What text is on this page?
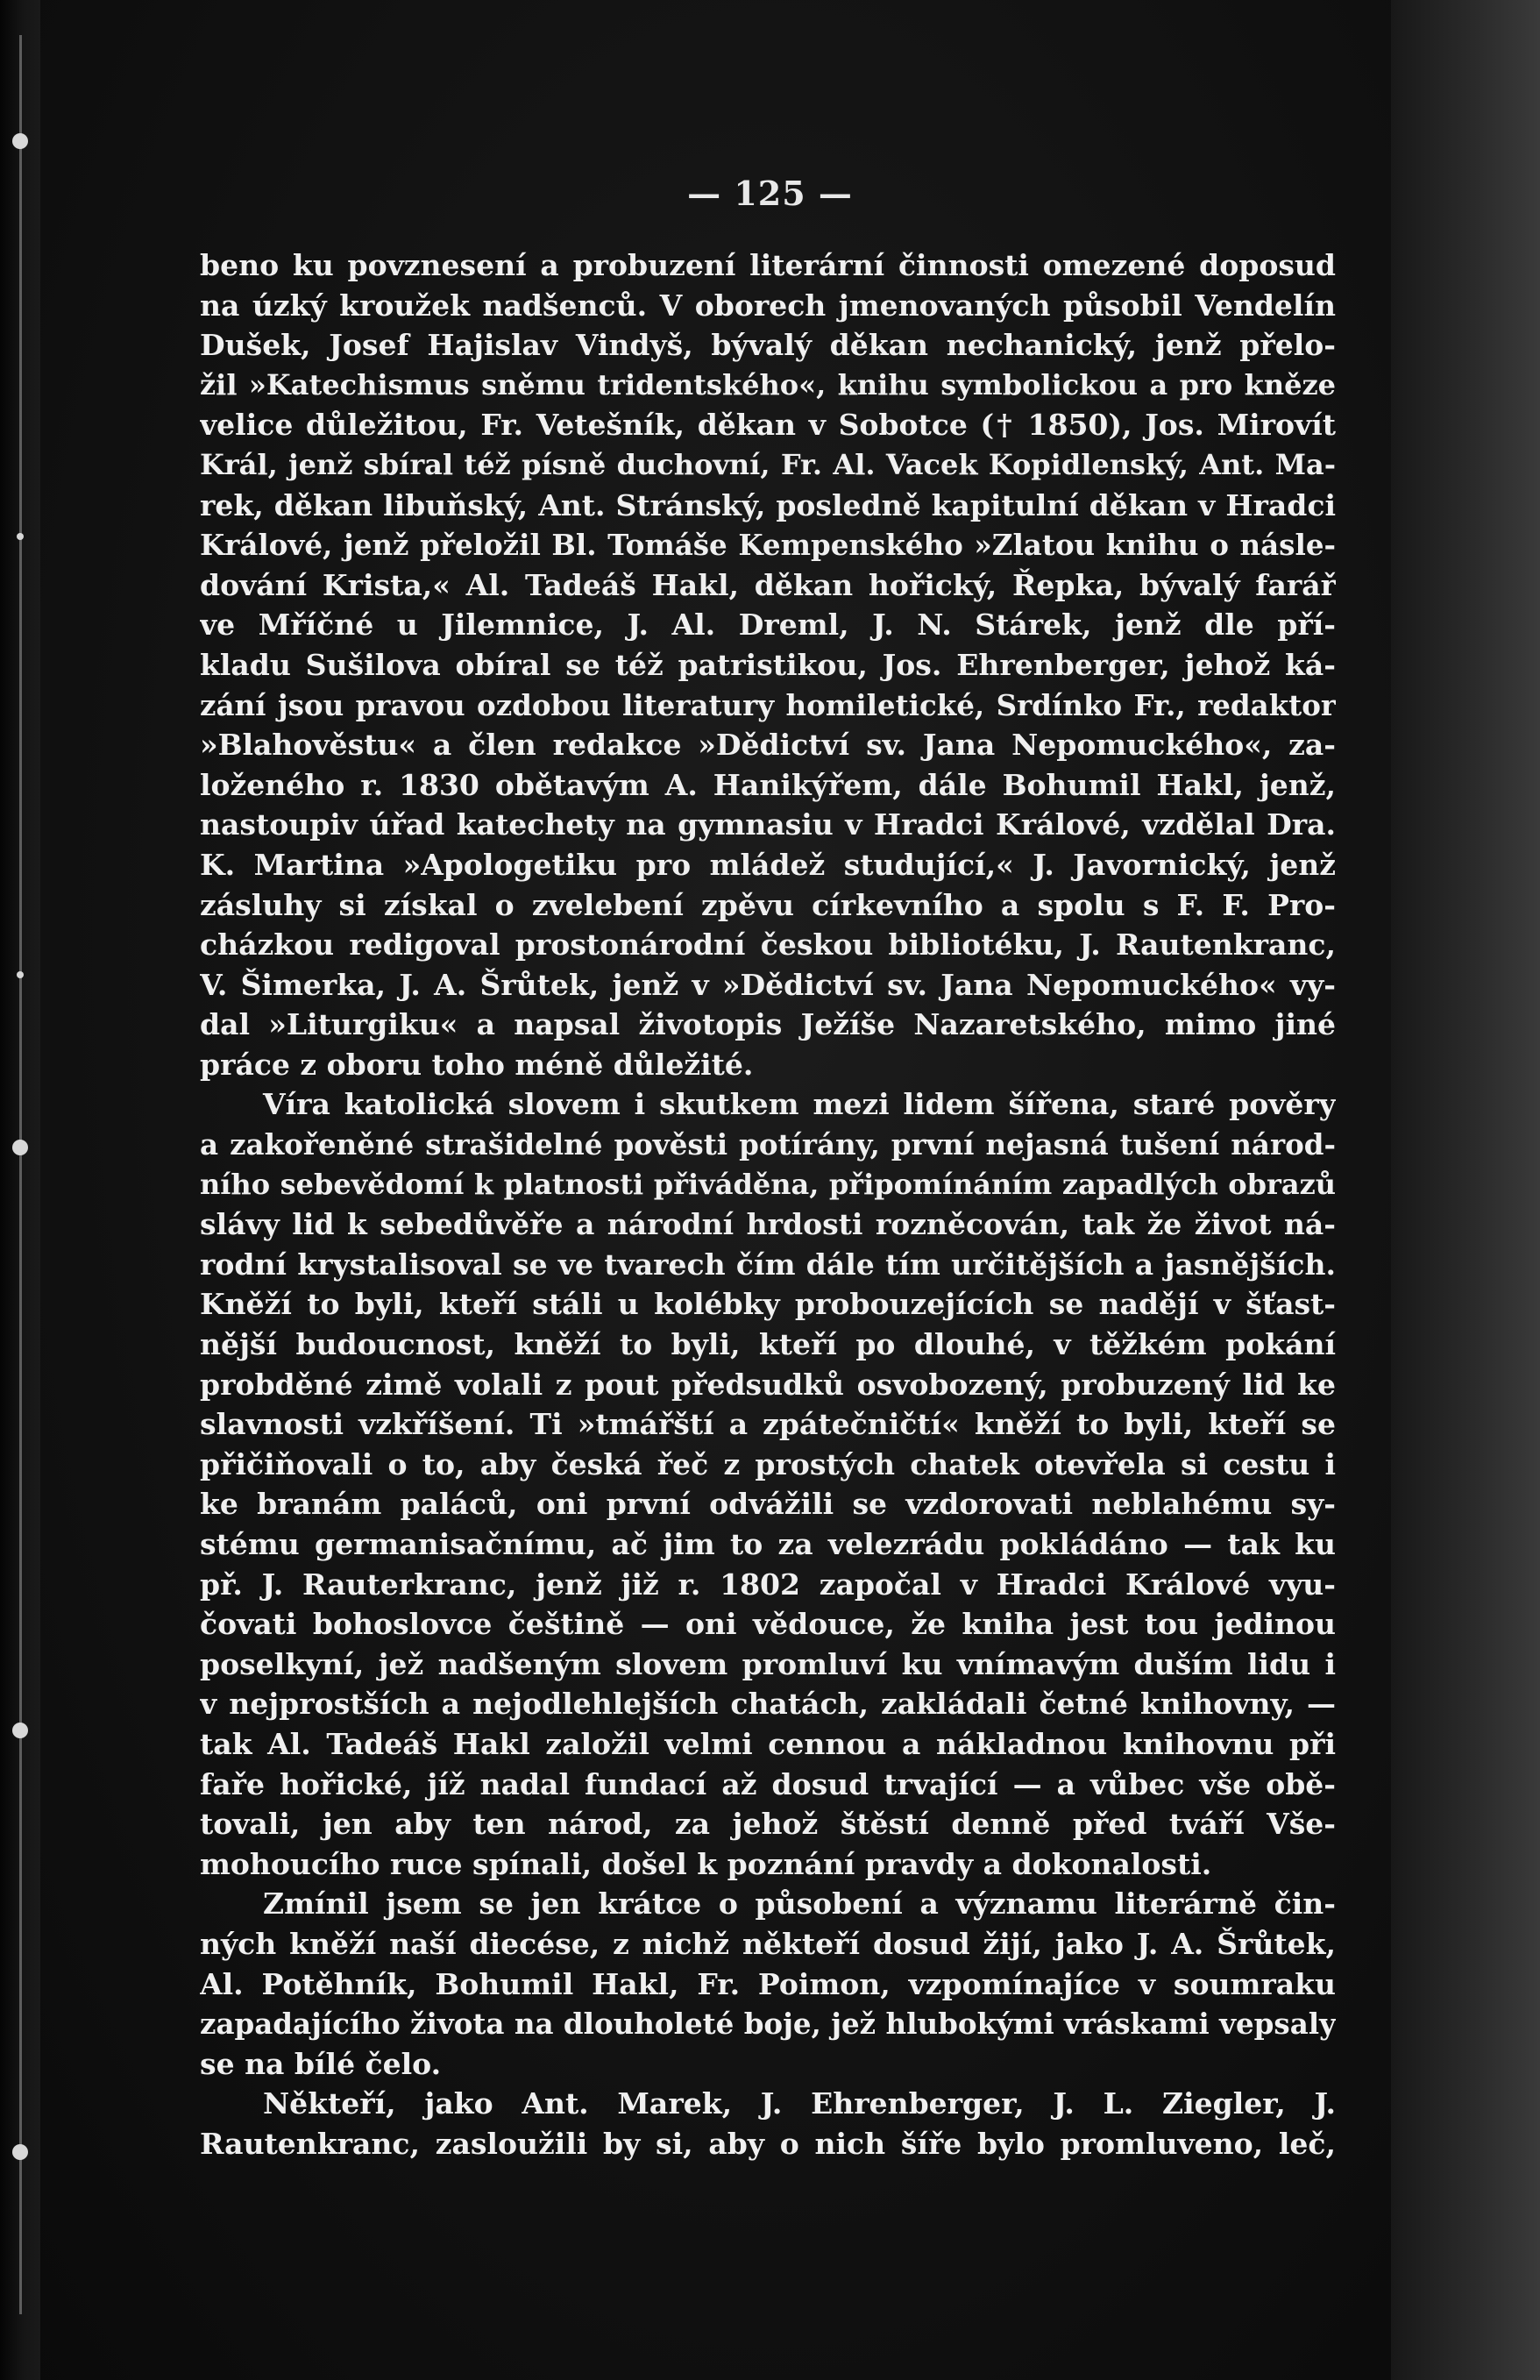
— 125 —
beno ku povznesení a probuzení literární činnosti omezené doposud
na úzký kroužek nadšenců. V oborech jmenovaných působil Vendelín
Dušek, Josef Hajislav Vindyš, bývalý děkan nechanický, jenž přelo-
žil »Katechismus sněmu tridentského«, knihu symbolickou a pro kněze
velice důležitou, Fr. Vetešník, děkan v Sobotce († 1850), Jos. Mirovít
Král, jenž sbíral též písně duchovní, Fr. Al. Vacek Kopidlenský, Ant. Ma-
rek, děkan libuňský, Ant. Stránský, posledně kapitulní děkan v Hradci
Králové, jenž přeložil Bl. Tomáše Kempenského »Zlatou knihu o násle-
dování Krista,« Al. Tadeáš Hakl, děkan hořický, Řepka, bývalý farář
ve Mříčné u Jilemnice, J. Al. Dreml, J. N. Stárek, jenž dle pří-
kladu Sušilova obíral se též patristikou, Jos. Ehrenberger, jehož ká-
zání jsou pravou ozdobou literatury homiletické, Srdínko Fr., redaktor
»Blahověstu« a člen redakce »Dědictví sv. Jana Nepomuckého«, za-
loženého r. 1830 obětavým A. Hanikýřem, dále Bohumil Hakl, jenž,
nastoupiv úřad katechety na gymnasiu v Hradci Králové, vzdělal Dra.
K. Martina »Apologetiku pro mládež studující,« J. Javornický, jenž
zásluhy si získal o zvelebení zpěvu církevního a spolu s F. F. Pro-
cházkou redigoval prostonárodní českou bibliotéku, J. Rautenkranc,
V. Šimerka, J. A. Šrůtek, jenž v »Dědictví sv. Jana Nepomuckého« vy-
dal »Liturgiku« a napsal životopis Ježíše Nazaretského, mimo jiné
práce z oboru toho méně důležité.
Víra katolická slovem i skutkem mezi lidem šířena, staré pověry
a zakořeněné strašidelné pověsti potírány, první nejasná tušení národ-
ního sebevědomí k platnosti přiváděna, připomínáním zapadlých obrazů
slávy lid k sebedůvěře a národní hrdosti rozněcován, tak že život ná-
rodní krystalisoval se ve tvarech čím dále tím určitějších a jasnějších.
Kněží to byli, kteří stáli u kolébky probouzejících se nadějí v šťast-
nější budoucnost, kněží to byli, kteří po dlouhé, v těžkém pokání
probděné zimě volali z pout předsudků osvobozený, probuzený lid ke
slavnosti vzkříšení. Ti »tmářští a zpátečničtí« kněží to byli, kteří se
přičiňovali o to, aby česká řeč z prostých chatek otevřela si cestu i
ke branám paláců, oni první odvážili se vzdorovati neblahému sy-
stému germanisačnímu, ač jim to za velezrádu pokládáno — tak ku
př. J. Rauterkranc, jenž již r. 1802 započal v Hradci Králové vyu-
čovati bohoslovce češtině — oni vědouce, že kniha jest tou jedinou
poselkyní, jež nadšeným slovem promluví ku vnímavým duším lidu i
v nejprostších a nejodlehlejších chatách, zakládali četné knihovny, —
tak Al. Tadeáš Hakl založil velmi cennou a nákladnou knihovnu při
faře hořické, jíž nadal fundací až dosud trvající — a vůbec vše obě-
tovali, jen aby ten národ, za jehož štěstí denně před tváří Vše-
mohoucího ruce spínali, došel k poznání pravdy a dokonalosti.
Zmínil jsem se jen krátce o působení a významu literárně čin-
ných kněží naší diecése, z nichž někteří dosud žijí, jako J. A. Šrůtek,
Al. Potěhník, Bohumil Hakl, Fr. Poimon, vzpomínajíce v soumraku
zapadajícího života na dlouholeté boje, jež hlubokými vráskami vepsaly
se na bílé čelo.
Někteří, jako Ant. Marek, J. Ehrenberger, J. L. Ziegler, J.
Rautenkranc, zasloužili by si, aby o nich šíře bylo promluveno, leč,
